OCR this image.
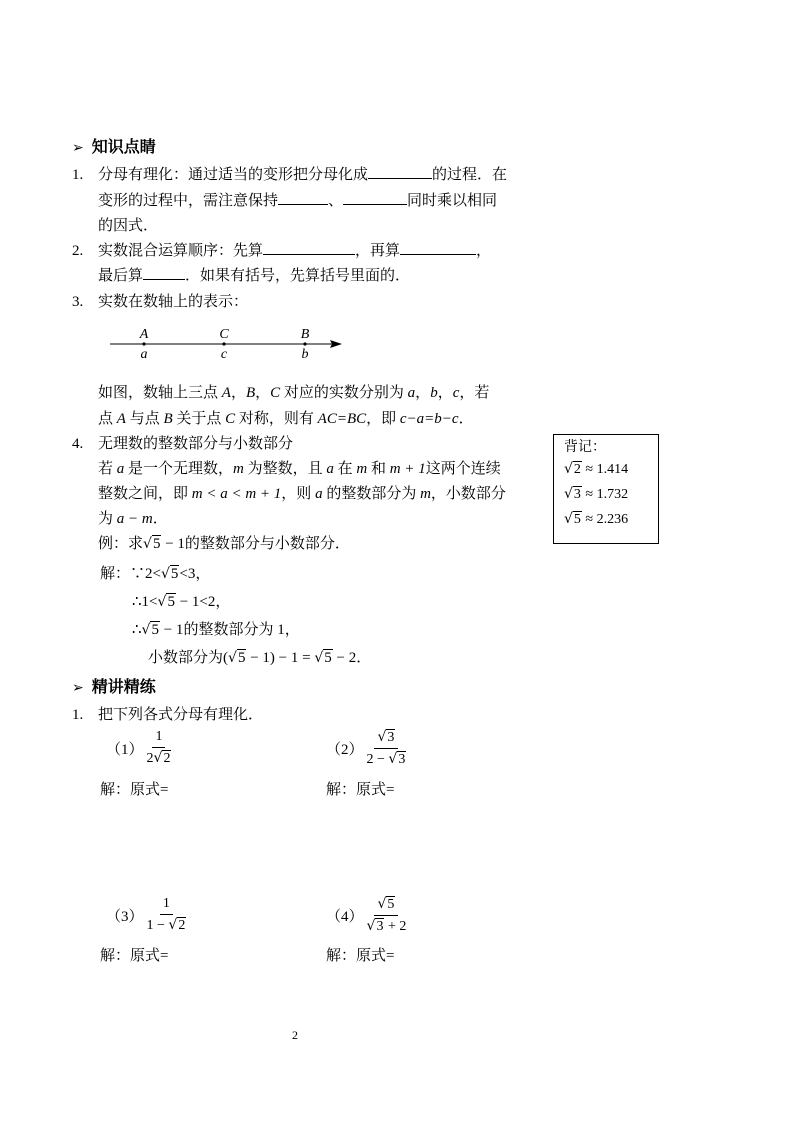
➢ 知识点睛
1. 分母有理化：通过适当的变形把分母化成	的过程．在
变形的过程中，需注意保持	、	同时乘以相同
的因式．
2. 实数混合运算顺序：先算	，再算	，
最后算	．如果有括号，先算括号里面的．
3. 实数在数轴上的表示：
A
a
C
c
B
b
如图，数轴上三点 A，B，C 对应的实数分别为 a，b，c，若
点 A 与点 B 关于点 C 对称，则有 AC=BC，即 c−a=b−c．
4. 无理数的整数部分与小数部分
若 a 是一个无理数，m 为整数，且 a 在 m 和 m + 1这两个连续
整数之间，即 m < a < m + 1，则 a 的整数部分为 m，小数部分
为 a − m．
例：求√5 − 1的整数部分与小数部分．
解：∵2<√5<3，
∴1<√5 − 1<2，
∴√5 − 1的整数部分为 1，
小数部分为(√5 − 1) − 1 = √5 − 2．
背记：
√2 ≈ 1.414
√3 ≈ 1.732
√5 ≈ 2.236
➢ 精讲精练
1. 把下列各式分母有理化．
$(1) \frac{1}{2√2}$
解：原式=
$(2) \frac{√3}{2 - √3}$
解：原式=
$(3) \frac{1}{1 - √2}$
解：原式=
$(4) \frac{√5}{√3 + 2}$
解：原式=
2
